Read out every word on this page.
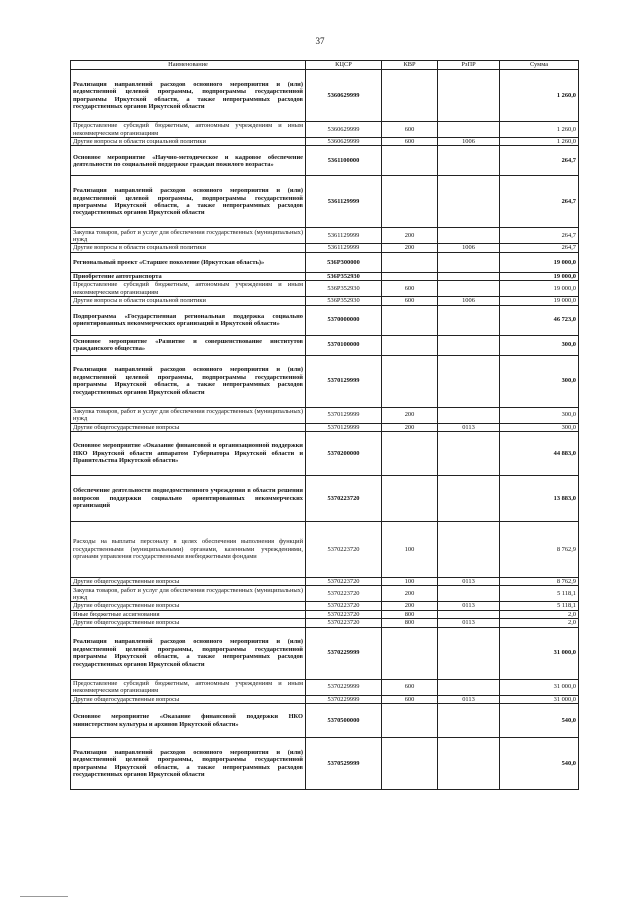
37
Наименование	КЦСР	КВР	РзПР	Сумма
Реализация направлений расходов основного мероприятия и (или) ведомственной целевой программы, подпрограммы государственной программы Иркутской области, а также непрограммных расходов государственных органов Иркутской области	5360629999			1 260,0
Предоставление субсидий бюджетным, автономным учреждениям и иным некоммерческим организациям	5360629999	600		1 260,0
Другие вопросы в области социальной политики	5360629999	600	1006	1 260,0
Основное мероприятие «Научно-методическое и кадровое обеспечение деятельности по социальной поддержке граждан пожилого возраста»	5361100000			264,7
Реализация направлений расходов основного мероприятия и (или) ведомственной целевой программы, подпрограммы государственной программы Иркутской области, а также непрограммных расходов государственных органов Иркутской области	5361129999			264,7
Закупка товаров, работ и услуг для обеспечения государственных (муниципальных) нужд	5361129999	200		264,7
Другие вопросы в области социальной политики	5361129999	200	1006	264,7
Региональный проект «Старшее поколение (Иркутская область)»	536P300000			19 000,0
Приобретение автотранспорта	536P352930			19 000,0
Предоставление субсидий бюджетным, автономным учреждениям и иным некоммерческим организациям	536P352930	600		19 000,0
Другие вопросы в области социальной политики	536P352930	600	1006	19 000,0
Подпрограмма «Государственная региональная поддержка социально ориентированных некоммерческих организаций в Иркутской области»	5370000000			46 723,0
Основное мероприятие «Развитие и совершенствование институтов гражданского общества»	5370100000			300,0
Реализация направлений расходов основного мероприятия и (или) ведомственной целевой программы, подпрограммы государственной программы Иркутской области, а также непрограммных расходов государственных органов Иркутской области	5370129999			300,0
Закупка товаров, работ и услуг для обеспечения государственных (муниципальных) нужд	5370129999	200		300,0
Другие общегосударственные вопросы	5370129999	200	0113	300,0
Основное мероприятие «Оказание финансовой и организационной поддержки НКО Иркутской области аппаратом Губернатора Иркутской области и Правительства Иркутской области»	5370200000			44 883,0
Обеспечение деятельности подведомственного учреждения в области решения вопросов поддержки социально ориентированных некоммерческих организаций	5370223720			13 883,0
Расходы на выплаты персоналу в целях обеспечения выполнения функций государственными (муниципальными) органами, казенными учреждениями, органами управления государственными внебюджетными фондами	5370223720	100		8 762,9
Другие общегосударственные вопросы	5370223720	100	0113	8 762,9
Закупка товаров, работ и услуг для обеспечения государственных (муниципальных) нужд	5370223720	200		5 118,1
Другие общегосударственные вопросы	5370223720	200	0113	5 118,1
Иные бюджетные ассигнования	5370223720	800		2,0
Другие общегосударственные вопросы	5370223720	800	0113	2,0
Реализация направлений расходов основного мероприятия и (или) ведомственной целевой программы, подпрограммы государственной программы Иркутской области, а также непрограммных расходов государственных органов Иркутской области	5370229999			31 000,0
Предоставление субсидий бюджетным, автономным учреждениям и иным некоммерческим организациям	5370229999	600		31 000,0
Другие общегосударственные вопросы	5370229999	600	0113	31 000,0
Основное мероприятие «Оказание финансовой поддержки НКО министерством культуры и архивов Иркутской области»	5370500000			540,0
Реализация направлений расходов основного мероприятия и (или) ведомственной целевой программы, подпрограммы государственной программы Иркутской области, а также непрограммных расходов государственных органов Иркутской области	5370529999			540,0
